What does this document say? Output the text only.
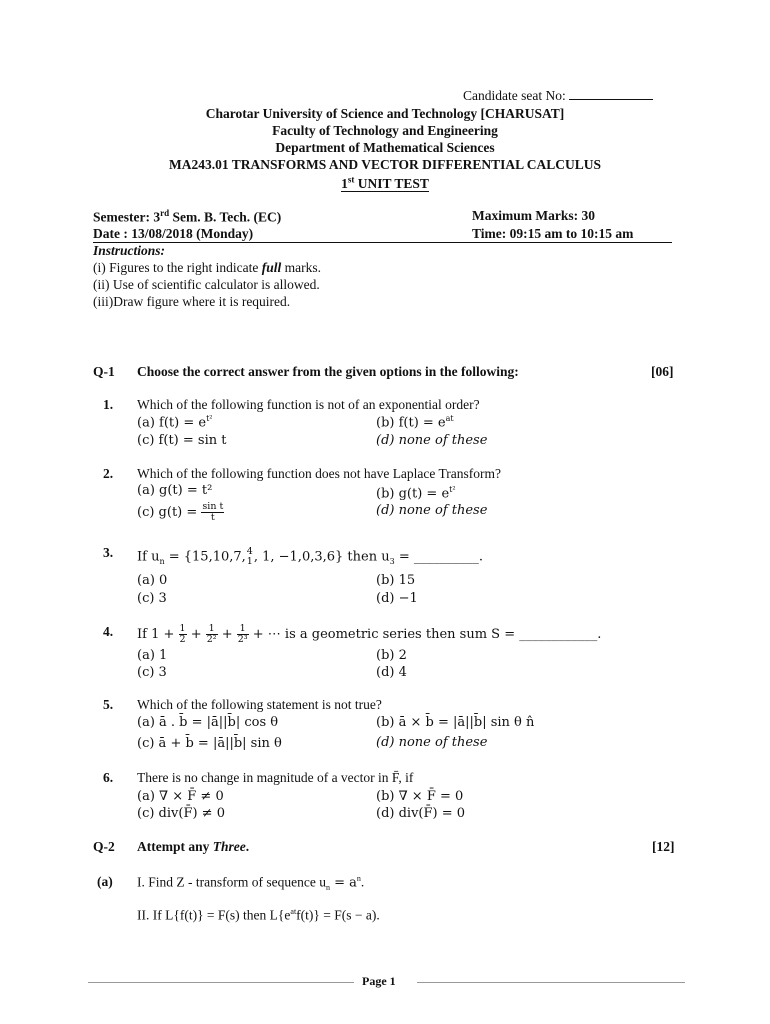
Candidate seat No:
Charotar University of Science and Technology [CHARUSAT]
Faculty of Technology and Engineering
Department of Mathematical Sciences
MA243.01 TRANSFORMS AND VECTOR DIFFERENTIAL CALCULUS
1st UNIT TEST
Semester: 3rd Sem. B. Tech. (EC)	Maximum Marks: 30
Date : 13/08/2018 (Monday)	Time: 09:15 am to 10:15 am
Instructions:
(i) Figures to the right indicate full marks.
(ii) Use of scientific calculator is allowed.
(iii)Draw figure where it is required.
Q-1 Choose the correct answer from the given options in the following:	[06]
1. Which of the following function is not of an exponential order?
(a) $f(t) = e^{t^2}$	(b) $f(t) = e^{at}$
(c) f(t) = sin t	(d) none of these
2. Which of the following function does not have Laplace Transform?
(a) g(t) = t²	(b) $g(t) = e^{t^2}$
(c) $g(t) = \frac{\text{sin t}}{t}$	(d) none of these
3. If $u_n = \{15,10,7$, 4
1 , 1, −1,0,3,6} then $u_3$ = __________.
(a) 0	(b) 15
(c) 3	(d) −1
4. If $1 + \frac{1}{2} + \frac{1}{\text{2²}} + \frac{1}{\text{2³}}$ + ⋯ is a geometric series then sum S = ____________.
(a) 1	(b) 2
(c) 3	(d) 4
5. Which of the following statement is not true?
(a) ā . b̄ = |ā||b̄| cos θ	(b) ā × b̄ = |ā||b̄| sin θ n̂
(c) ā + b̄ = |ā||b̄| sin θ	(d) none of these
6. There is no change in magnitude of a vector in F̄, if
(a) ∇ × F̄ ≠ 0	(b) ∇ × F̄ = 0
(c) div(F̄) ≠ 0	(d) div(F̄) = 0
Q-2 Attempt any Three.	[12]
(a) I. Find Z - transform of sequence $u_n = a^n$.
II. If L{f(t)} = F(s) then $L\{e^{at}f(t)\} = F(s - a)$.
Page 1
